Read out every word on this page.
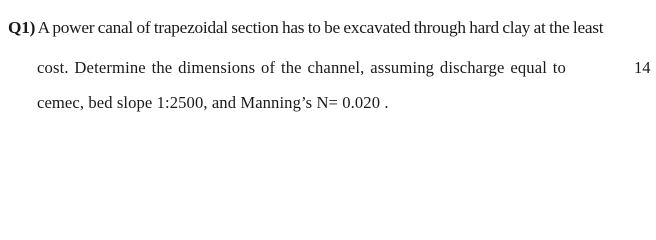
Q1) A power canal of trapezoidal section has to be excavated through hard clay at the least
cost. Determine the dimensions of the channel, assuming discharge equal to	14
cemec, bed slope 1:2500, and Manning’s N= 0.020 .
